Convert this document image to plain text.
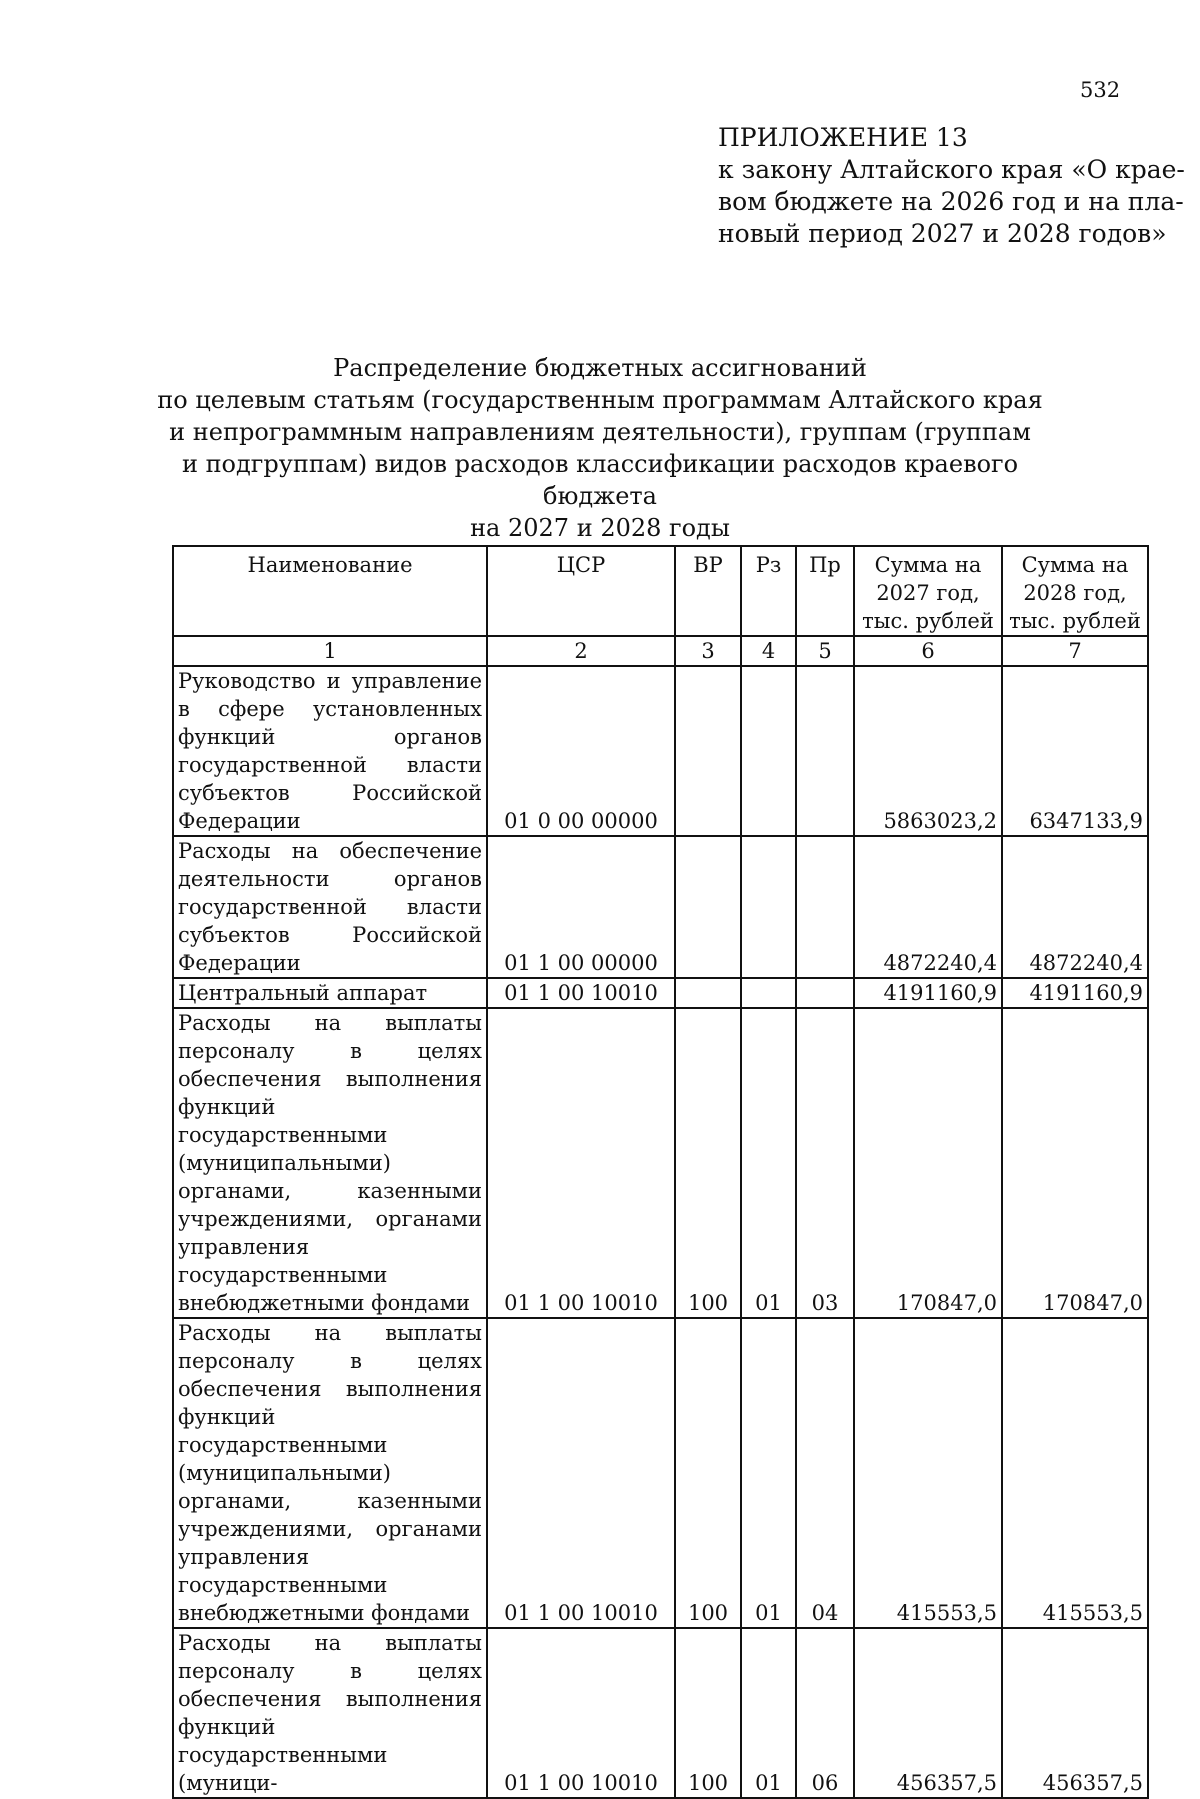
532
ПРИЛОЖЕНИЕ 13
к закону Алтайского края «О крае-
вом бюджете на 2026 год и на пла-
новый период 2027 и 2028 годов»
Распределение бюджетных ассигнований
по целевым статьям (государственным программам Алтайского края
и непрограммным направлениям деятельности), группам (группам
и подгруппам) видов расходов классификации расходов краевого бюджета
на 2027 и 2028 годы
Наименование	ЦСР	ВР	Рз	Пр	Сумма на 2027 год, тыс. рублей	Сумма на 2028 год, тыс. рублей
1	2	3	4	5	6	7
Руководство и управление в сфере установленных функций органов государственной власти субъектов Российской Федерации	01 0 00 00000				5863023,2	6347133,9
Расходы на обеспечение деятельности органов государственной власти субъектов Российской Федерации	01 1 00 00000				4872240,4	4872240,4
Центральный аппарат	01 1 00 10010				4191160,9	4191160,9
Расходы на выплаты персоналу в целях обеспечения выполнения функций государственными (муниципальными) органами, казенными учреждениями, органами управления государственными внебюджетными фондами	01 1 00 10010	100	01	03	170847,0	170847,0
Расходы на выплаты персоналу в целях обеспечения выполнения функций государственными (муниципальными) органами, казенными учреждениями, органами управления государственными внебюджетными фондами	01 1 00 10010	100	01	04	415553,5	415553,5
Расходы на выплаты персоналу в целях обеспечения выполнения функций государственными (муници-	01 1 00 10010	100	01	06	456357,5	456357,5
